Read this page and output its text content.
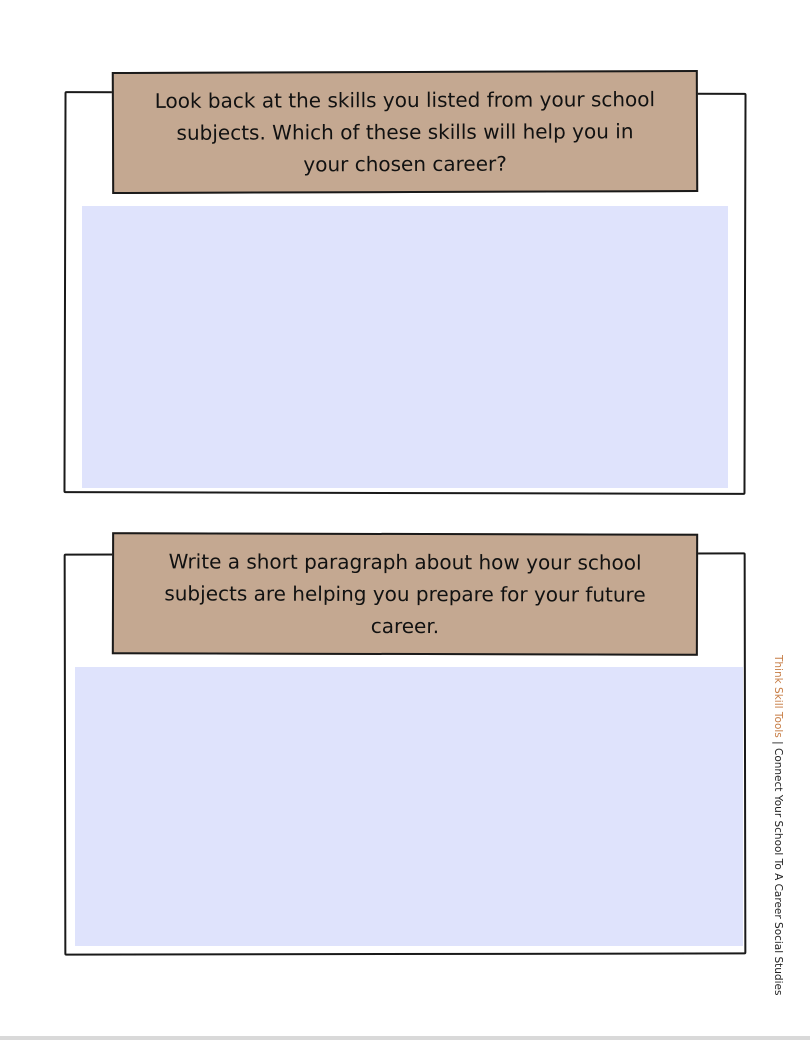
Look back at the skills you listed from your school subjects. Which of these skills will help you in your chosen career?
Write a short paragraph about how your school subjects are helping you prepare for your future career.
Think Skill Tools | Connect Your School To A Career Social Studies
